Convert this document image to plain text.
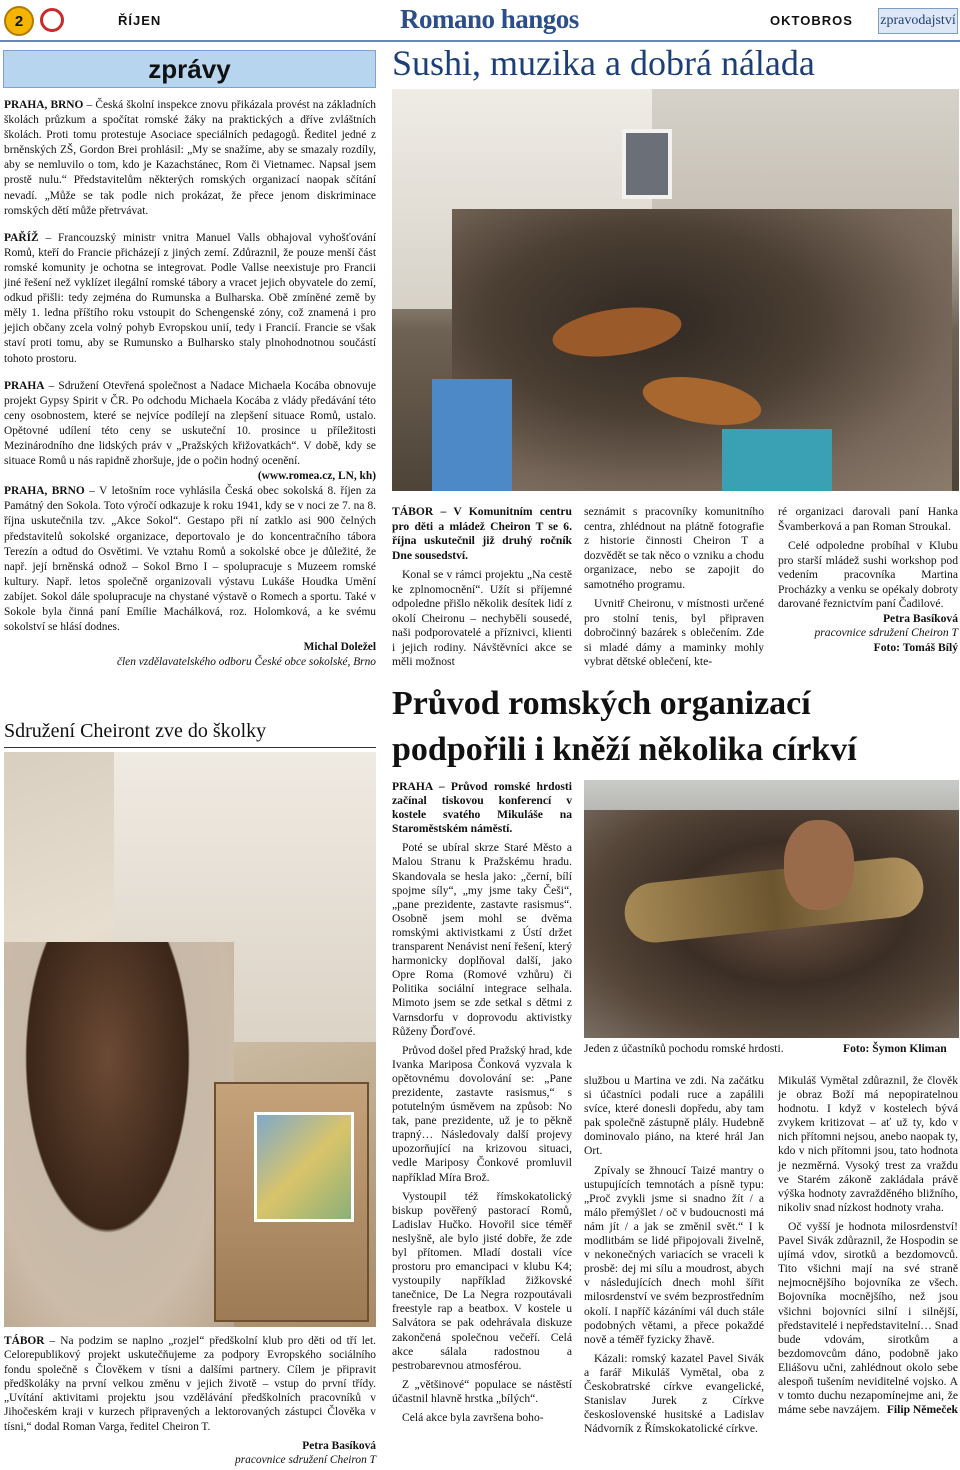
2	ŘÍJEN	Romano hangos	OKTOBROS zpravodajství
zprávy

PRAHA, BRNO – Česká školní inspekce znovu přikázala provést na základních školách průzkum a spočítat romské žáky na praktických a dříve zvláštních školách. Proti tomu protestuje Asociace speciálních pedagogů. Ředitel jedné z brněnských ZŠ, Gordon Brei prohlásil: „My se snažíme, aby se smazaly rozdíly, aby se nemluvilo o tom, kdo je Kazachstánec, Rom či Vietnamec. Napsal jsem prostě nulu.“ Představitelům některých romských organizací naopak sčítání nevadí. „Může se tak podle nich prokázat, že přece jenom diskriminace romských dětí může přetrvávat.

PAŘÍŽ – Francouzský ministr vnitra Manuel Valls obhajoval vyhošťování Romů, kteří do Francie přicházejí z jiných zemí. Zdůraznil, že pouze menší část romské komunity je ochotna se integrovat. Podle Vallse neexistuje pro Francii jiné řešení než vyklízet ilegální romské tábory a vracet jejich obyvatele do zemí, odkud přišli: tedy zejména do Rumunska a Bulharska. Obě zmíněné země by měly 1. ledna příštího roku vstoupit do Schengenské zóny, což znamená i pro jejich občany zcela volný pohyb Evropskou unií, tedy i Francií. Francie se však staví proti tomu, aby se Rumunsko a Bulharsko staly plnohodnotnou součástí tohoto prostoru.

PRAHA – Sdružení Otevřená společnost a Nadace Michaela Kocába obnovuje projekt Gypsy Spirit v ČR. Po odchodu Michaela Kocába z vlády předávání této ceny osobnostem, které se nejvíce podílejí na zlepšení situace Romů, ustalo. Opětovné udílení této ceny se uskuteční 10. prosince u příležitosti Mezinárodního dne lidských práv v „Pražských křižovatkách“. V době, kdy se situace Romů u nás rapidně zhoršuje, jde o počin hodný ocenění.
(www.romea.cz, LN, kh)

PRAHA, BRNO – V letošním roce vyhlásila Česká obec sokolská 8. říjen za Památný den Sokola. Toto výročí odkazuje k roku 1941, kdy se v noci ze 7. na 8. října uskutečnila tzv. „Akce Sokol“. Gestapo při ní zatklo asi 900 čelných představitelů sokolské organizace, deportovalo je do koncentračního tábora Terezín a odtud do Osvětimi. Ve vztahu Romů a sokolské obce je důležité, že např. její brněnská odnož – Sokol Brno I – spolupracuje s Muzeem romské kultury. Např. letos společně organizovali výstavu Lukáše Houdka Umění zabíjet. Sokol dále spolupracuje na chystané výstavě o Romech a sportu. Také v Sokole byla činná paní Emílie Machálková, roz. Holomková, a ke svému sokolství se hlásí dodnes.

Michal Doležel
člen vzdělavatelského odboru České obce sokolské, Brno
Sdružení Cheiront zve do školky

TÁBOR – Na podzim se naplno „rozjel“ předškolní klub pro děti od tří let. Celorepublikový projekt uskutečňujeme za podpory Evropského sociálního fondu společně s Člověkem v tísni a dalšími partnery. Cílem je připravit předškoláky na první velkou změnu v jejich životě – vstup do první třídy. „Uvítání aktivitami projektu jsou vzdělávání předškolních pracovníků v Jihočeském kraji v kurzech připravených a lektorovaných zástupci Člověka v tísni,“ dodal Roman Varga, ředitel Cheiron T.

Petra Basíková
pracovnice sdružení Cheiron T
Sushi, muzika a dobrá nálada

TÁBOR – V Komunitním centru pro děti a mládež Cheiron T se 6. října uskutečnil již druhý ročník Dne sousedství.

Konal se v rámci projektu „Na cestě ke zplnomocnění“. Užít si příjemné odpoledne přišlo několik desítek lidí z okolí Cheironu – nechyběli sousedé, naši podporovatelé a příznivci, klienti i jejich rodiny. Návštěvníci akce se měli možnost

seznámit s pracovníky komunitního centra, zhlédnout na plátně fotografie z historie činnosti Cheiron T a dozvědět se tak něco o vzniku a chodu organizace, nebo se zapojit do samotného programu.

Uvnitř Cheironu, v místnosti určené pro stolní tenis, byl připraven dobročinný bazárek s oblečením. Zde si mladé dámy a maminky mohly vybrat dětské oblečení, kte-

ré organizaci darovali paní Hanka Švamberková a pan Roman Stroukal.

Celé odpoledne probíhal v Klubu pro starší mládež sushi workshop pod vedením pracovníka Martina Procházky a venku se opékaly dobroty darované řeznictvím paní Čadilové.

Petra Basíková
pracovnice sdružení Cheiron T
Foto: Tomáš Bílý
Průvod romských organizací
podpořili i kněží několika církví

PRAHA – Průvod romské hrdosti začínal tiskovou konferencí v kostele svatého Mikuláše na Staroměstském náměstí.

Poté se ubíral skrze Staré Město a Malou Stranu k Pražskému hradu. Skandovala se hesla jako: „černí, bílí spojme síly“, „my jsme taky Češi“, „pane prezidente, zastavte rasismus“. Osobně jsem mohl se dvěma romskými aktivistkami z Ústí držet transparent Nenávist není řešení, který harmonicky doplňoval další, jako Opre Roma (Romové vzhůru) či Politika sociální integrace selhala. Mimoto jsem se zde setkal s dětmi z Varnsdorfu v doprovodu aktivistky Růženy Ďorďové.

Průvod došel před Pražský hrad, kde Ivanka Mariposa Čonková vyzvala k opětovnému dovolování se: „Pane prezidente, zastavte rasismus,“ s potutelným úsměvem na způsob: No tak, pane prezidente, už je to pěkně trapný… Následovaly další projevy upozorňující na krizovou situaci, vedle Mariposy Čonkové promluvil například Míra Brož.

Vystoupil též římskokatolický biskup pověřený pastorací Romů, Ladislav Hučko. Hovořil sice téměř neslyšně, ale bylo jisté dobře, že zde byl přítomen. Mladí dostali více prostoru pro emancipaci v klubu K4; vystoupily například žižkovské tanečnice, De La Negra rozpoutávali freestyle rap a beatbox. V kostele u Salvátora se pak odehrávala diskuze zakončená společnou večeří. Celá akce sálala radostnou a pestrobarevnou atmosférou.

Z „většinové“ populace se nástěstí účastnil hlavně hrstka „bílých“.

Celá akce byla završena boho-

Jeden z účastníků pochodu romské hrdosti.	Foto: Šymon Kliman

službou u Martina ve zdi. Na začátku si účastníci podali ruce a zapálili svíce, které donesli dopředu, aby tam pak společně zástupně plály. Hudebně dominovalo piáno, na které hrál Jan Ort.

Zpívaly se žhnoucí Taizé mantry o ustupujících temnotách a písně typu: „Proč zvykli jsme si snadno žít / a málo přemýšlet / oč v budoucnosti má nám jít / a jak se změnil svět.“ I k modlitbám se lidé připojovali živelně, v nekonečných variacích se vraceli k prosbě: dej mi sílu a moudrost, abych v následujících dnech mohl šířit milosrdenství ve svém bezprostředním okolí. I napříč kázáními vál duch stále podobných větami, a přece pokaždé nově a téměř fyzicky žhavě.

Kázali: romský kazatel Pavel Sivák a farář Mikuláš Vymětal, oba z Českobratrské církve evangelické, Stanislav Jurek z Církve československé husitské a Ladislav Nádvorník z Římskokatolické církve.

Mikuláš Vymětal zdůraznil, že člověk je obraz Boží má nepopiratelnou hodnotu. I když v kostelech bývá zvykem kritizovat – ať už ty, kdo v nich přítomni nejsou, anebo naopak ty, kdo v nich přítomni jsou, tato hodnota je nezměrná. Vysoký trest za vraždu ve Starém zákoně zakládala právě výška hodnoty zavražděného bližního, nikoliv snad nízkost hodnoty vraha.

Oč vyšší je hodnota milosrdenství! Pavel Sivák zdůraznil, že Hospodin se ujímá vdov, sirotků a bezdomovců. Tito všichni mají na své straně nejmocnějšího bojovníka ze všech. Bojovníka mocnějšího, než jsou všichni bojovníci silní i silnější, představitelé i nepředstavitelní… Snad bude vdovám, sirotkům a bezdomovcům dáno, podobně jako Eliášovu učni, zahlédnout okolo sebe alespoň tušením neviditelné vojsko. A v tomto duchu nezapomínejme ani, že máme sebe navzájem. Filip Němeček
